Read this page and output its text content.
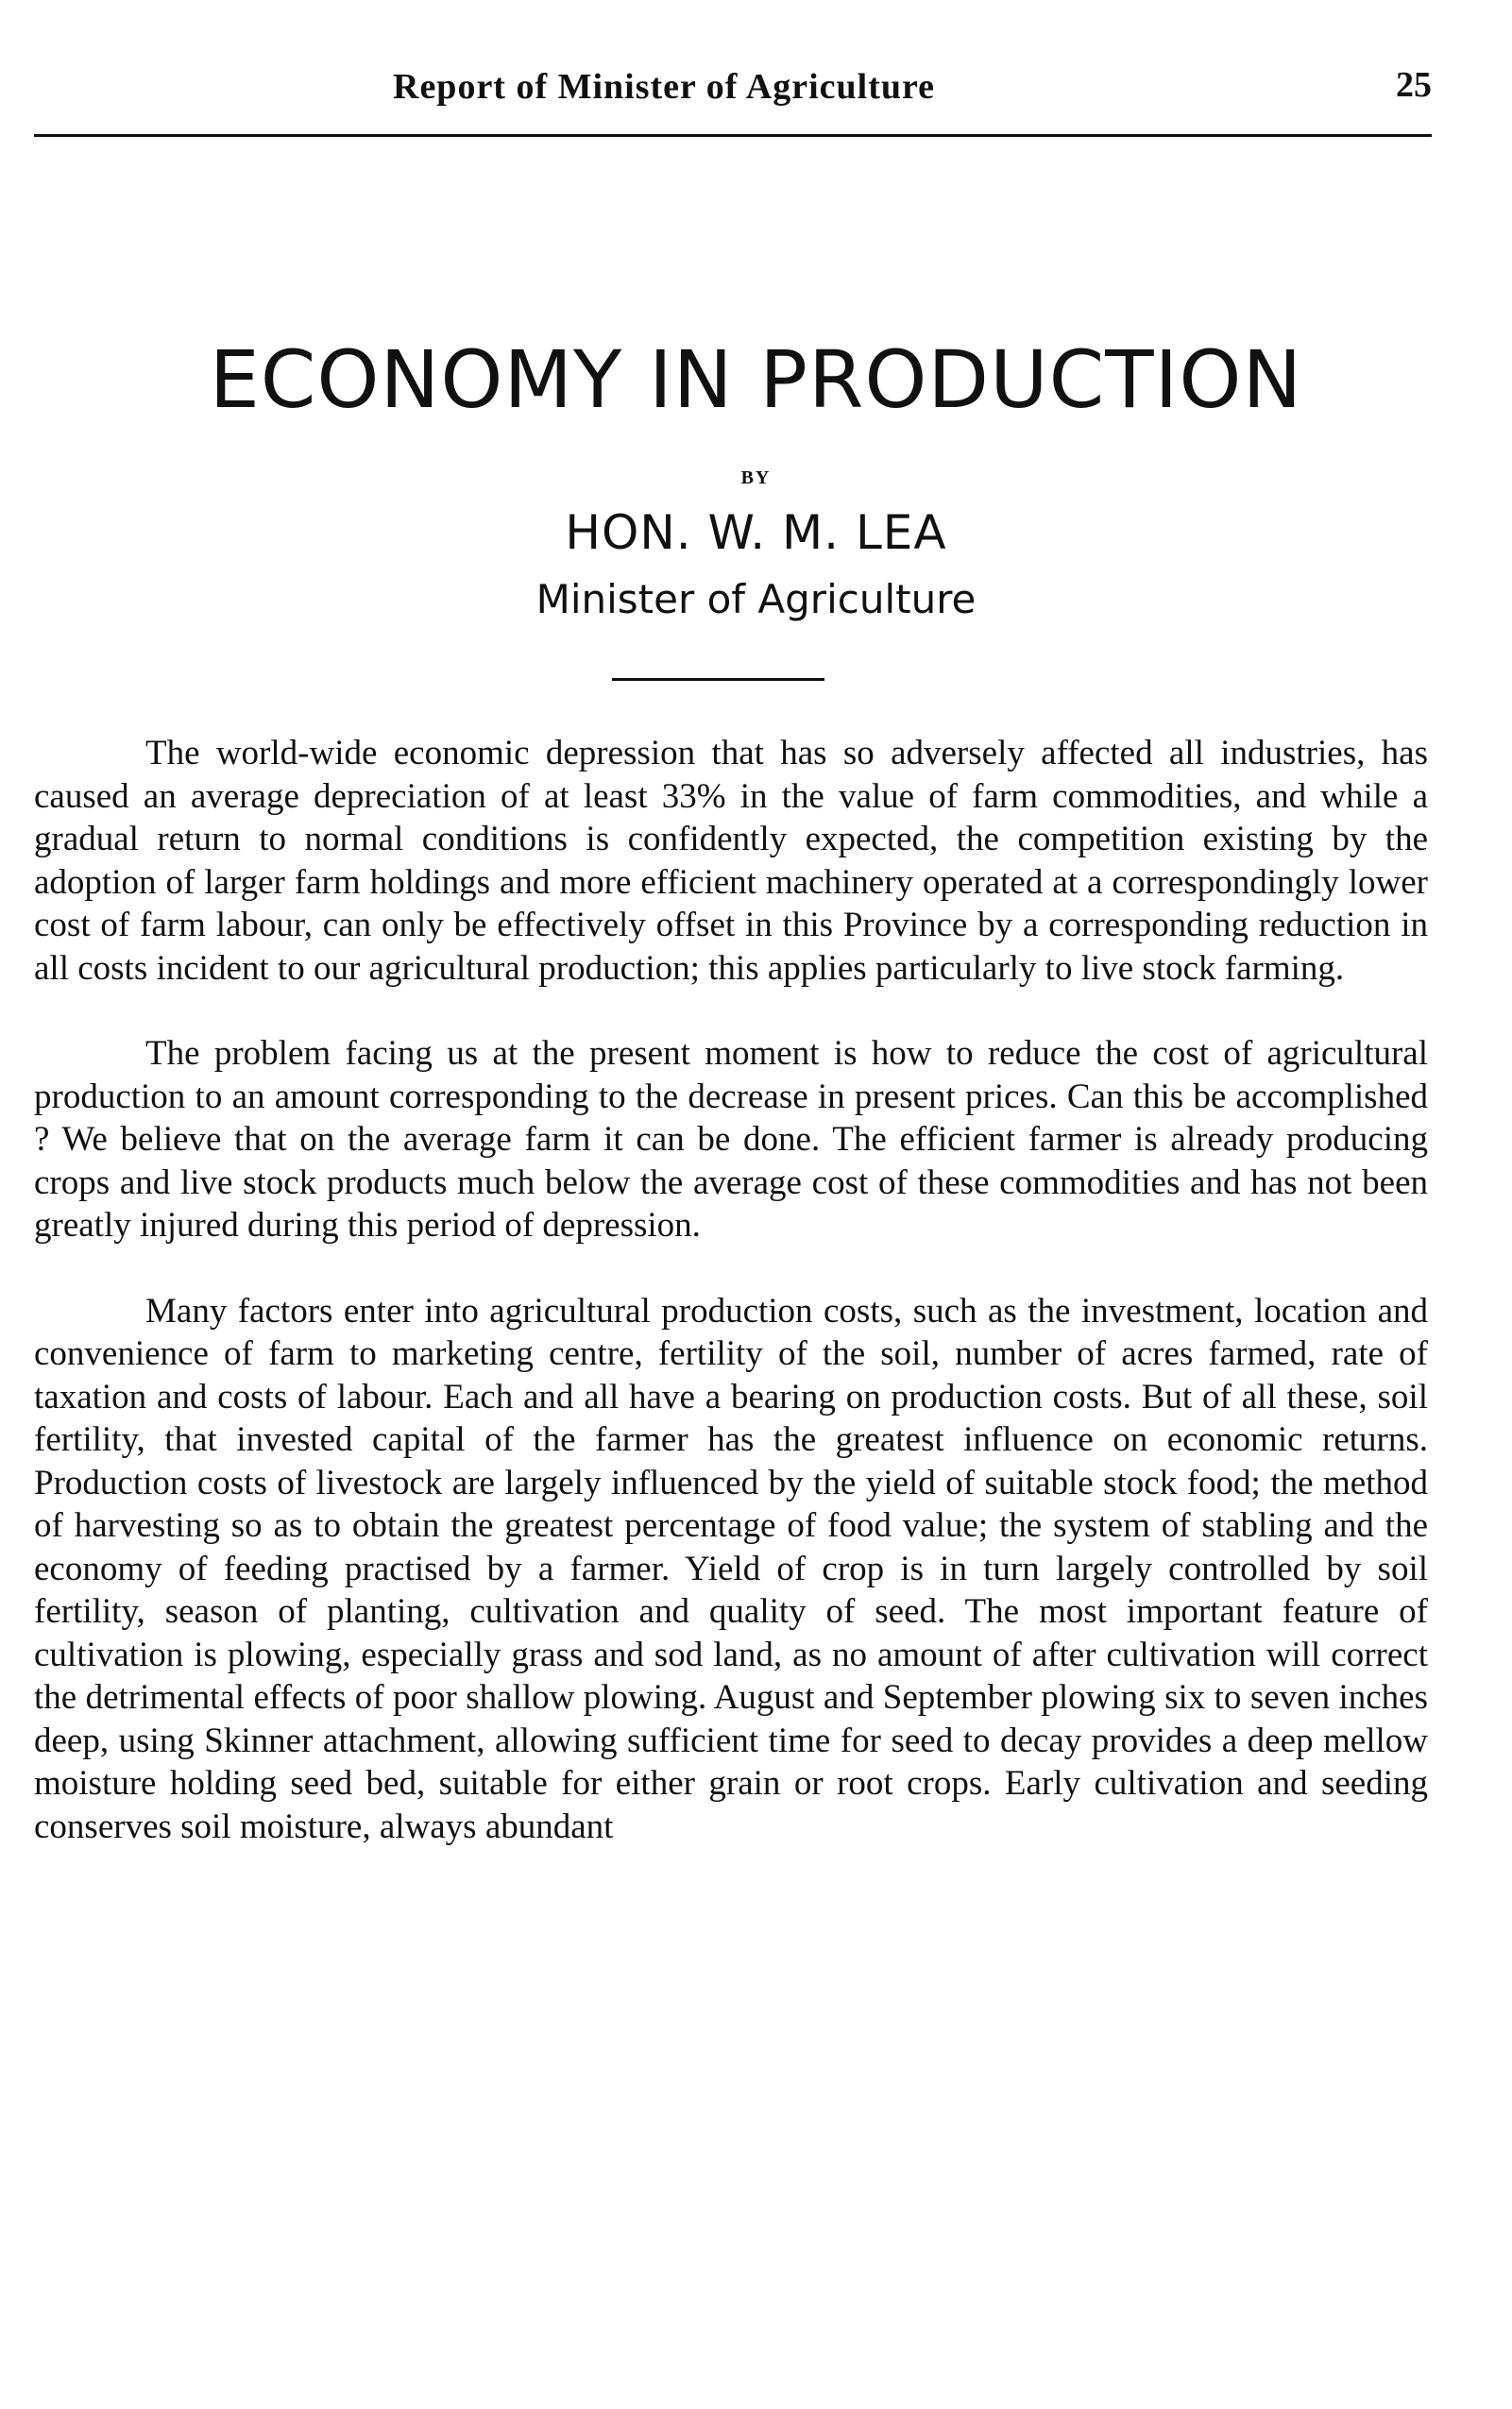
Report of Minister of Agriculture	25
ECONOMY IN PRODUCTION
BY
HON. W. M. LEA
Minister of Agriculture

The world-wide economic depression that has so adversely affected all industries, has caused an average depreciation of at least 33% in the value of farm commodities, and while a gradual return to normal conditions is confidently expected, the competition existing by the adoption of larger farm holdings and more efficient machinery operated at a correspondingly lower cost of farm labour, can only be effectively offset in this Province by a corresponding reduction in all costs incident to our agricultural production; this applies particularly to live stock farming.

The problem facing us at the present moment is how to reduce the cost of agricultural production to an amount corresponding to the decrease in present prices. Can this be accomplished ? We believe that on the average farm it can be done. The efficient farmer is already producing crops and live stock products much below the average cost of these commodities and has not been greatly injured during this period of depression.

Many factors enter into agricultural production costs, such as the investment, location and convenience of farm to marketing centre, fertility of the soil, number of acres farmed, rate of taxation and costs of labour. Each and all have a bearing on production costs. But of all these, soil fertility, that invested capital of the farmer has the greatest influence on economic returns. Production costs of livestock are largely influenced by the yield of suitable stock food; the method of harvesting so as to obtain the greatest percentage of food value; the system of stabling and the economy of feeding practised by a farmer. Yield of crop is in turn largely controlled by soil fertility, season of planting, cultivation and quality of seed. The most important feature of cultivation is plowing, especially grass and sod land, as no amount of after cultivation will correct the detrimental effects of poor shallow plowing. August and September plowing six to seven inches deep, using Skinner attachment, allowing sufficient time for seed to decay provides a deep mellow moisture holding seed bed, suitable for either grain or root crops. Early cultivation and seeding conserves soil moisture, always abundant
